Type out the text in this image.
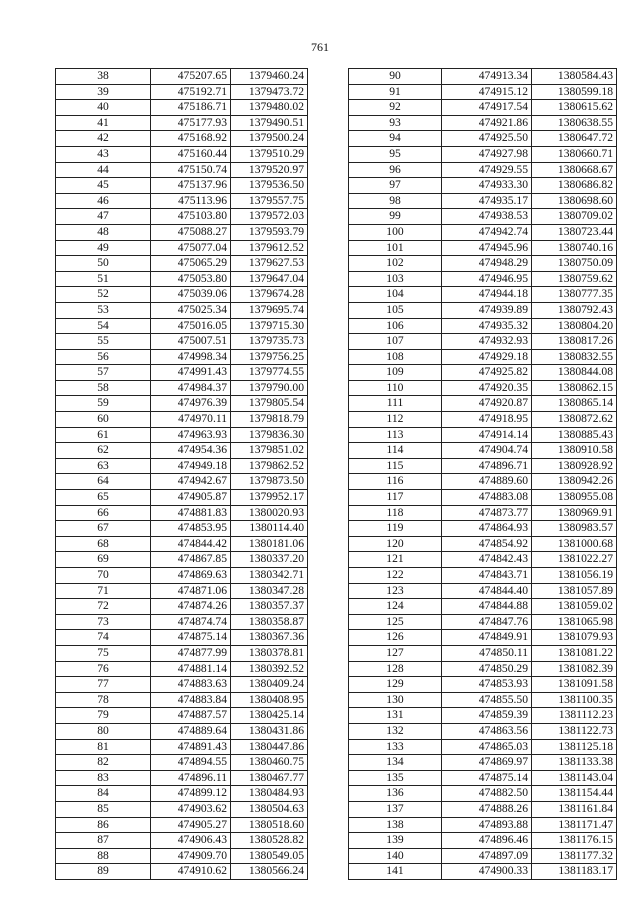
761
38	475207.65	1379460.24
39	475192.71	1379473.72
40	475186.71	1379480.02
41	475177.93	1379490.51
42	475168.92	1379500.24
43	475160.44	1379510.29
44	475150.74	1379520.97
45	475137.96	1379536.50
46	475113.96	1379557.75
47	475103.80	1379572.03
48	475088.27	1379593.79
49	475077.04	1379612.52
50	475065.29	1379627.53
51	475053.80	1379647.04
52	475039.06	1379674.28
53	475025.34	1379695.74
54	475016.05	1379715.30
55	475007.51	1379735.73
56	474998.34	1379756.25
57	474991.43	1379774.55
58	474984.37	1379790.00
59	474976.39	1379805.54
60	474970.11	1379818.79
61	474963.93	1379836.30
62	474954.36	1379851.02
63	474949.18	1379862.52
64	474942.67	1379873.50
65	474905.87	1379952.17
66	474881.83	1380020.93
67	474853.95	1380114.40
68	474844.42	1380181.06
69	474867.85	1380337.20
70	474869.63	1380342.71
71	474871.06	1380347.28
72	474874.26	1380357.37
73	474874.74	1380358.87
74	474875.14	1380367.36
75	474877.99	1380378.81
76	474881.14	1380392.52
77	474883.63	1380409.24
78	474883.84	1380408.95
79	474887.57	1380425.14
80	474889.64	1380431.86
81	474891.43	1380447.86
82	474894.55	1380460.75
83	474896.11	1380467.77
84	474899.12	1380484.93
85	474903.62	1380504.63
86	474905.27	1380518.60
87	474906.43	1380528.82
88	474909.70	1380549.05
89	474910.62	1380566.24
90	474913.34	1380584.43
91	474915.12	1380599.18
92	474917.54	1380615.62
93	474921.86	1380638.55
94	474925.50	1380647.72
95	474927.98	1380660.71
96	474929.55	1380668.67
97	474933.30	1380686.82
98	474935.17	1380698.60
99	474938.53	1380709.02
100	474942.74	1380723.44
101	474945.96	1380740.16
102	474948.29	1380750.09
103	474946.95	1380759.62
104	474944.18	1380777.35
105	474939.89	1380792.43
106	474935.32	1380804.20
107	474932.93	1380817.26
108	474929.18	1380832.55
109	474925.82	1380844.08
110	474920.35	1380862.15
111	474920.87	1380865.14
112	474918.95	1380872.62
113	474914.14	1380885.43
114	474904.74	1380910.58
115	474896.71	1380928.92
116	474889.60	1380942.26
117	474883.08	1380955.08
118	474873.77	1380969.91
119	474864.93	1380983.57
120	474854.92	1381000.68
121	474842.43	1381022.27
122	474843.71	1381056.19
123	474844.40	1381057.89
124	474844.88	1381059.02
125	474847.76	1381065.98
126	474849.91	1381079.93
127	474850.11	1381081.22
128	474850.29	1381082.39
129	474853.93	1381091.58
130	474855.50	1381100.35
131	474859.39	1381112.23
132	474863.56	1381122.73
133	474865.03	1381125.18
134	474869.97	1381133.38
135	474875.14	1381143.04
136	474882.50	1381154.44
137	474888.26	1381161.84
138	474893.88	1381171.47
139	474896.46	1381176.15
140	474897.09	1381177.32
141	474900.33	1381183.17
